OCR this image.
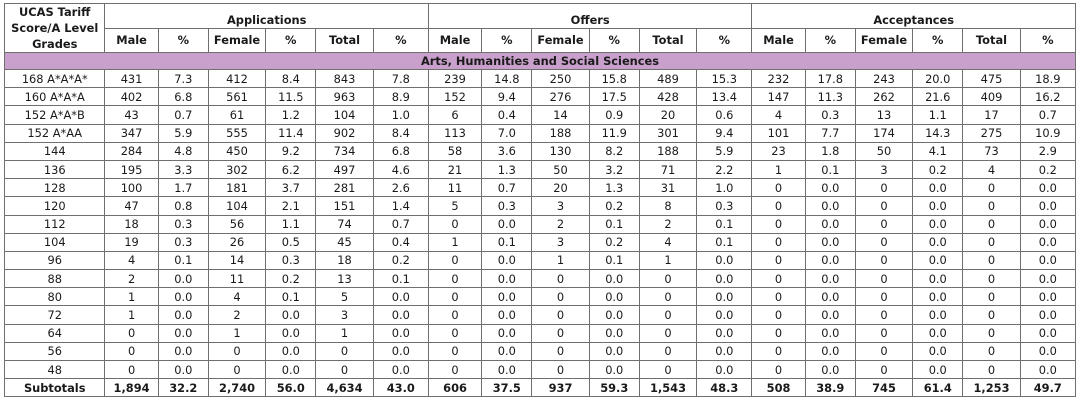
UCAS Tariff
Score/A Level
Grades	Applications						Offers						Acceptances					
	Male	%	Female	%	Total	%	Male	%	Female	%	Total	%	Male	%	Female	%	Total	%
Arts, Humanities and Social Sciences																		
168 A*A*A*	431	7.3	412	8.4	843	7.8	239	14.8	250	15.8	489	15.3	232	17.8	243	20.0	475	18.9
160 A*A*A	402	6.8	561	11.5	963	8.9	152	9.4	276	17.5	428	13.4	147	11.3	262	21.6	409	16.2
152 A*A*B	43	0.7	61	1.2	104	1.0	6	0.4	14	0.9	20	0.6	4	0.3	13	1.1	17	0.7
152 A*AA	347	5.9	555	11.4	902	8.4	113	7.0	188	11.9	301	9.4	101	7.7	174	14.3	275	10.9
144	284	4.8	450	9.2	734	6.8	58	3.6	130	8.2	188	5.9	23	1.8	50	4.1	73	2.9
136	195	3.3	302	6.2	497	4.6	21	1.3	50	3.2	71	2.2	1	0.1	3	0.2	4	0.2
128	100	1.7	181	3.7	281	2.6	11	0.7	20	1.3	31	1.0	0	0.0	0	0.0	0	0.0
120	47	0.8	104	2.1	151	1.4	5	0.3	3	0.2	8	0.3	0	0.0	0	0.0	0	0.0
112	18	0.3	56	1.1	74	0.7	0	0.0	2	0.1	2	0.1	0	0.0	0	0.0	0	0.0
104	19	0.3	26	0.5	45	0.4	1	0.1	3	0.2	4	0.1	0	0.0	0	0.0	0	0.0
96	4	0.1	14	0.3	18	0.2	0	0.0	1	0.1	1	0.0	0	0.0	0	0.0	0	0.0
88	2	0.0	11	0.2	13	0.1	0	0.0	0	0.0	0	0.0	0	0.0	0	0.0	0	0.0
80	1	0.0	4	0.1	5	0.0	0	0.0	0	0.0	0	0.0	0	0.0	0	0.0	0	0.0
72	1	0.0	2	0.0	3	0.0	0	0.0	0	0.0	0	0.0	0	0.0	0	0.0	0	0.0
64	0	0.0	1	0.0	1	0.0	0	0.0	0	0.0	0	0.0	0	0.0	0	0.0	0	0.0
56	0	0.0	0	0.0	0	0.0	0	0.0	0	0.0	0	0.0	0	0.0	0	0.0	0	0.0
48	0	0.0	0	0.0	0	0.0	0	0.0	0	0.0	0	0.0	0	0.0	0	0.0	0	0.0
Subtotals	1,894	32.2	2,740	56.0	4,634	43.0	606	37.5	937	59.3	1,543	48.3	508	38.9	745	61.4	1,253	49.7
